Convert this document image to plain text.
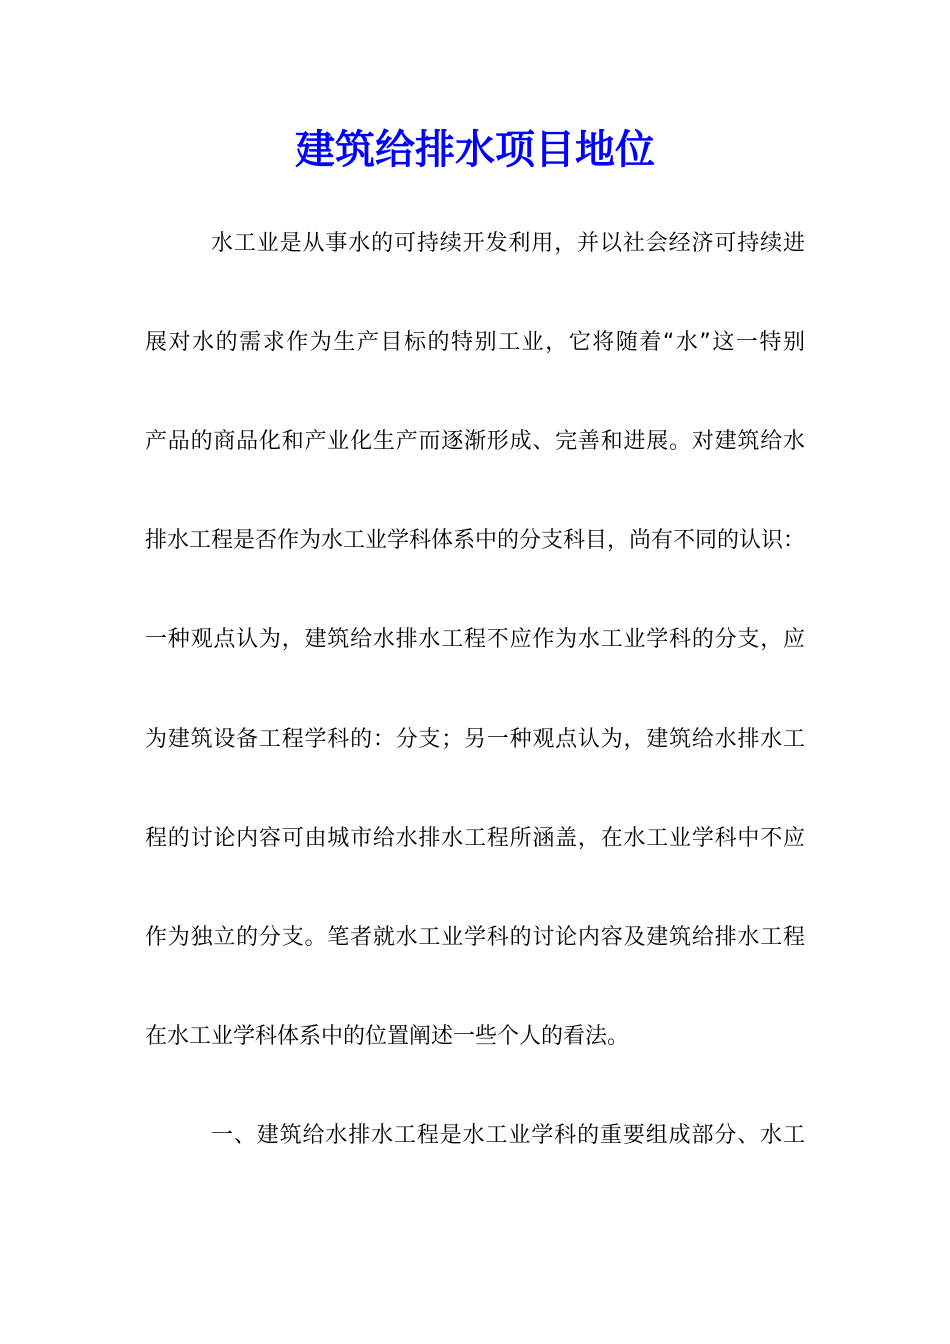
建筑给排水项目地位

水工业是从事水的可持续开发利用，并以社会经济可持续进

展对水的需求作为生产目标的特别工业，它将随着“水”这一特别

产品的商品化和产业化生产而逐渐形成、完善和进展。对建筑给水

排水工程是否作为水工业学科体系中的分支科目，尚有不同的认识：

一种观点认为，建筑给水排水工程不应作为水工业学科的分支，应

为建筑设备工程学科的：分支；另一种观点认为，建筑给水排水工

程的讨论内容可由城市给水排水工程所涵盖，在水工业学科中不应

作为独立的分支。笔者就水工业学科的讨论内容及建筑给排水工程

在水工业学科体系中的位置阐述一些个人的看法。

一、建筑给水排水工程是水工业学科的重要组成部分、水工
